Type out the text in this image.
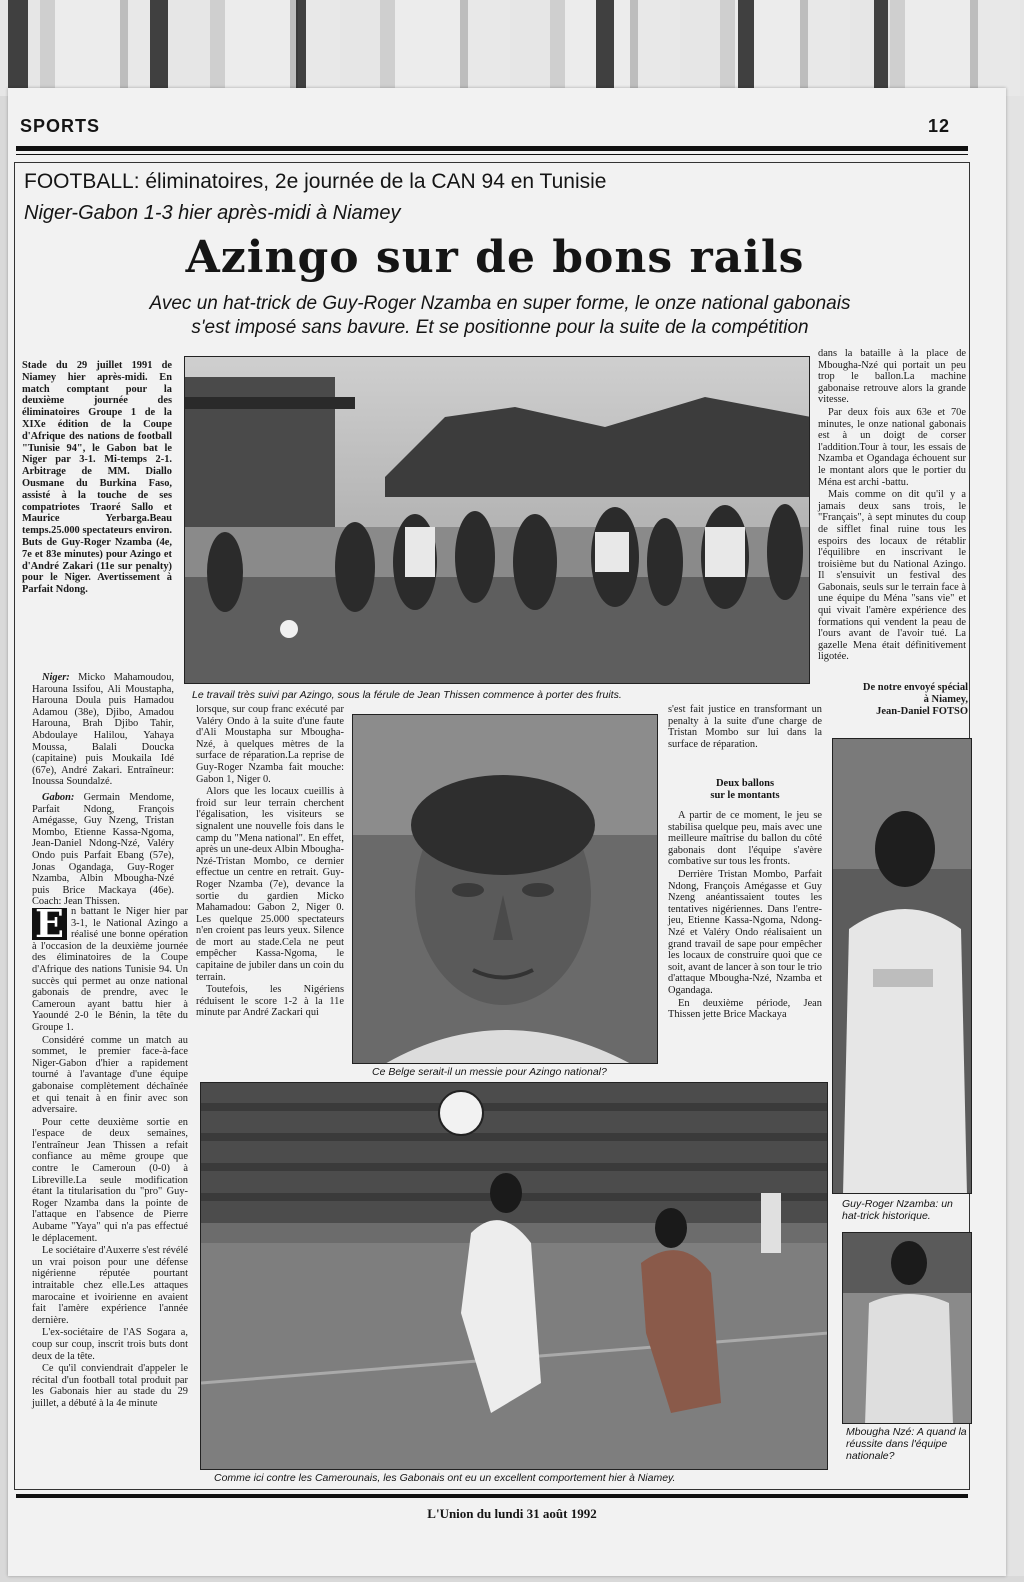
SPORTS	12
FOOTBALL: éliminatoires, 2e journée de la CAN 94 en Tunisie
Niger-Gabon 1-3 hier après-midi à Niamey
Azingo sur de bons rails
Avec un hat-trick de Guy-Roger Nzamba en super forme, le onze national gabonais
s'est imposé sans bavure. Et se positionne pour la suite de la compétition

Stade du 29 juillet 1991 de Niamey hier après-midi. En match comptant pour la deuxième journée des éliminatoires Groupe 1 de la XIXe édition de la Coupe d'Afrique des nations de football "Tunisie 94", le Gabon bat le Niger par 3-1. Mi-temps 2-1. Arbitrage de MM. Diallo Ousmane du Burkina Faso, assisté à la touche de ses compatriotes Traoré Sallo et Maurice Yerbarga.Beau temps.25.000 spectateurs environ. Buts de Guy-Roger Nzamba (4e, 7e et 83e minutes) pour Azingo et d'André Zakari (11e sur penalty) pour le Niger. Avertissement à Parfait Ndong.

Niger: Micko Mahamoudou, Harouna Issifou, Ali Moustapha, Harouna Doula puis Hamadou Adamou (38e), Djibo, Amadou Harouna, Brah Djibo Tahir, Abdoulaye Halilou, Yahaya Moussa, Balali Doucka (capitaine) puis Moukaila Idé (67e), André Zakari. Entraîneur: Inoussa Soundalzé.

Gabon: Germain Mendome, Parfait Ndong, François Amégasse, Guy Nzeng, Tristan Mombo, Etienne Kassa-Ngoma, Jean-Daniel Ndong-Nzé, Valéry Ondo puis Parfait Ebang (57e), Jonas Ogandaga, Guy-Roger Nzamba, Albin Mbougha-Nzé puis Brice Mackaya (46e). Coach: Jean Thissen.

E n battant le Niger hier par 3-1, le National Azingo a réalisé une bonne opération à l'occasion de la deuxième journée des éliminatoires de la Coupe d'Afrique des nations Tunisie 94. Un succès qui permet au onze national gabonais de prendre, avec le Cameroun ayant battu hier à Yaoundé 2-0 le Bénin, la tête du Groupe 1.

Considéré comme un match au sommet, le premier face-à-face Niger-Gabon d'hier a rapidement tourné à l'avantage d'une équipe gabonaise complètement déchaînée et qui tenait à en finir avec son adversaire.

Pour cette deuxième sortie en l'espace de deux semaines, l'entraîneur Jean Thissen a refait confiance au même groupe que contre le Cameroun (0-0) à Libreville.La seule modification étant la titularisation du "pro" Guy-Roger Nzamba dans la pointe de l'attaque en l'absence de Pierre Aubame "Yaya" qui n'a pas effectué le déplacement.

Le sociétaire d'Auxerre s'est révélé un vrai poison pour une défense nigérienne réputée pourtant intraitable chez elle.Les attaques marocaine et ivoirienne en avaient fait l'amère expérience l'année dernière.

L'ex-sociétaire de l'AS Sogara a, coup sur coup, inscrit trois buts dont deux de la tête.

Ce qu'il conviendrait d'appeler le récital d'un football total produit par les Gabonais hier au stade du 29 juillet, a débuté à la 4e minute

Le travail très suivi par Azingo, sous la férule de Jean Thissen commence à porter des fruits.

lorsque, sur coup franc exécuté par Valéry Ondo à la suite d'une faute d'Ali Moustapha sur Mbougha-Nzé, à quelques mètres de la surface de réparation.La reprise de Guy-Roger Nzamba fait mouche: Gabon 1, Niger 0.

Alors que les locaux cueillis à froid sur leur terrain cherchent l'égalisation, les visiteurs se signalent une nouvelle fois dans le camp du "Mena national". En effet, après un une-deux Albin Mbougha-Nzé-Tristan Mombo, ce dernier effectue un centre en retrait. Guy-Roger Nzamba (7e), devance la sortie du gardien Micko Mahamadou: Gabon 2, Niger 0. Les quelque 25.000 spectateurs n'en croient pas leurs yeux. Silence de mort au stade.Cela ne peut empêcher Kassa-Ngoma, le capitaine de jubiler dans un coin du terrain.

Toutefois, les Nigériens réduisent le score 1-2 à la 11e minute par André Zackari qui

Ce Belge serait-il un messie pour Azingo national?

s'est fait justice en transformant un penalty à la suite d'une charge de Tristan Mombo sur lui dans la surface de réparation.

Deux ballons
sur le montants

A partir de ce moment, le jeu se stabilisa quelque peu, mais avec une meilleure maîtrise du ballon du côté gabonais dont l'équipe s'avère combative sur tous les fronts.

Derrière Tristan Mombo, Parfait Ndong, François Amégasse et Guy Nzeng anéantissaient toutes les tentatives nigériennes. Dans l'entre-jeu, Etienne Kassa-Ngoma, Ndong-Nzé et Valéry Ondo réalisaient un grand travail de sape pour empêcher les locaux de construire quoi que ce soit, avant de lancer à son tour le trio d'attaque Mbougha-Nzé, Nzamba et Ogandaga.

En deuxième période, Jean Thissen jette Brice Mackaya

dans la bataille à la place de Mbougha-Nzé qui portait un peu trop le ballon.La machine gabonaise retrouve alors la grande vitesse.

Par deux fois aux 63e et 70e minutes, le onze national gabonais est à un doigt de corser l'addition.Tour à tour, les essais de Nzamba et Ogandaga échouent sur le montant alors que le portier du Ména est archi -battu.

Mais comme on dit qu'il y a jamais deux sans trois, le "Français", à sept minutes du coup de sifflet final ruine tous les espoirs des locaux de rétablir l'équilibre en inscrivant le troisième but du National Azingo. Il s'ensuivit un festival des Gabonais, seuls sur le terrain face à une équipe du Ména "sans vie" et qui vivait l'amère expérience des formations qui vendent la peau de l'ours avant de l'avoir tué. La gazelle Mena était définitivement ligotée.

De notre envoyé spécial
à Niamey,
Jean-Daniel FOTSO
Guy-Roger Nzamba: un hat-trick historique.
Comme ici contre les Camerounais, les Gabonais ont eu un excellent comportement hier à Niamey.
Mbougha Nzé: A quand la réussite dans l'équipe nationale?
L'Union du lundi 31 août 1992
